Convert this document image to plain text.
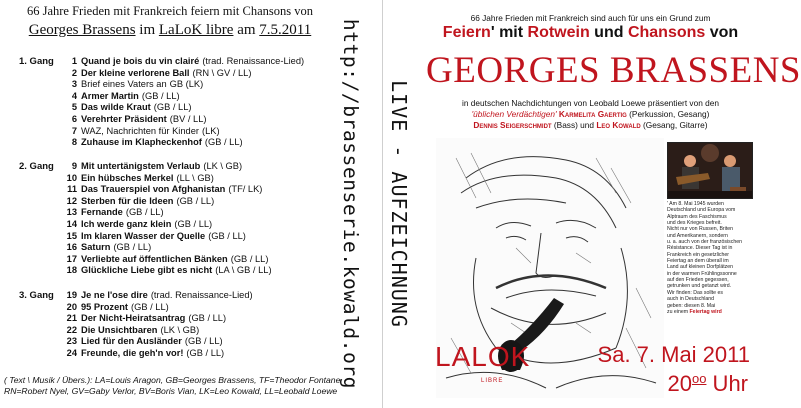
66 Jahre Frieden mit Frankreich feiern mit Chansons von
Georges Brassens im LaLoK libre am 7.5.2011
1. Gang
2. Gang
3. Gang
1 Quand je bois du vin clairé (trad. Renaissance-Lied)
2 Der kleine verlorene Ball (RN \ GV / LL)
3 Brief eines Vaters an GB (LK)
4 Armer Martin (GB / LL)
5 Das wilde Kraut (GB / LL)
6 Verehrter Präsident (BV / LL)
7 WAZ, Nachrichten für Kinder (LK)
8 Zuhause im Klapheckenhof (GB / LL)
9 Mit untertänigstem Verlaub (LK \ GB)
10 Ein hübsches Merkel (LL \ GB)
11 Das Trauerspiel von Afghanistan (TF/ LK)
12 Sterben für die Ideen (GB / LL)
13 Fernande (GB / LL)
14 Ich werde ganz klein (GB / LL)
15 Im klaren Wasser der Quelle (GB / LL)
16 Saturn (GB / LL)
17 Verliebte auf öffentlichen Bänken (GB / LL)
18 Glückliche Liebe gibt es nicht (LA \ GB / LL)
19 Je ne l'ose dire (trad. Renaissance-Lied)
20 95 Prozent (GB / LL)
21 Der Nicht-Heiratsantrag (GB / LL)
22 Die Unsichtbaren (LK \ GB)
23 Lied für den Ausländer (GB / LL)
24 Freunde, die geh'n vor! (GB / LL)
( Text \ Musik / Übers.): LA=Louis Aragon, GB=Georges Brassens, TF=Theodor Fontane
RN=Robert Nyel, GV=Gaby Verlor, BV=Boris Vian, LK=Leo Kowald, LL=Leobald Loewe
http://brassenserie.kowald.org LIVE - AUFZEICHNUNG
66 Jahre Frieden mit Frankreich sind auch für uns ein Grund zum
Feiern' mit Rotwein und Chansons von
GEORGES BRASSENS
in deutschen Nachdichtungen von Leobald Loewe präsentiert von den
'üblichen Verdächtigen' Karmelita Gaertig (Perkussion, Gesang)
Dennis Seigerschmidt (Bass) und Leo Kowald (Gesang, Gitarre)
' Am 8. Mai 1945 wurden
Deutschland und Europa vom
Alptraum des Faschismus
und des Krieges befreit.
Nicht nur von Russen, Briten
und Amerikanern, sondern
u. a. auch von der französischen
Résistance. Dieser Tag ist in
Frankreich ein gesetzlicher
Feiertag an dem überall im
Land auf kleinen Dorfplätzen
in der warmen Frühlingssonne
auf den Frieden gegessen,
getrunken und getanzt wird.
Wir finden: Das sollte es
auch in Deutschland
geben: diesen 8. Mai
zu einem Feiertag wird
LALOK
LIBRE
Sa. 7. Mai 2011
$20^{oo}$ Uhr
